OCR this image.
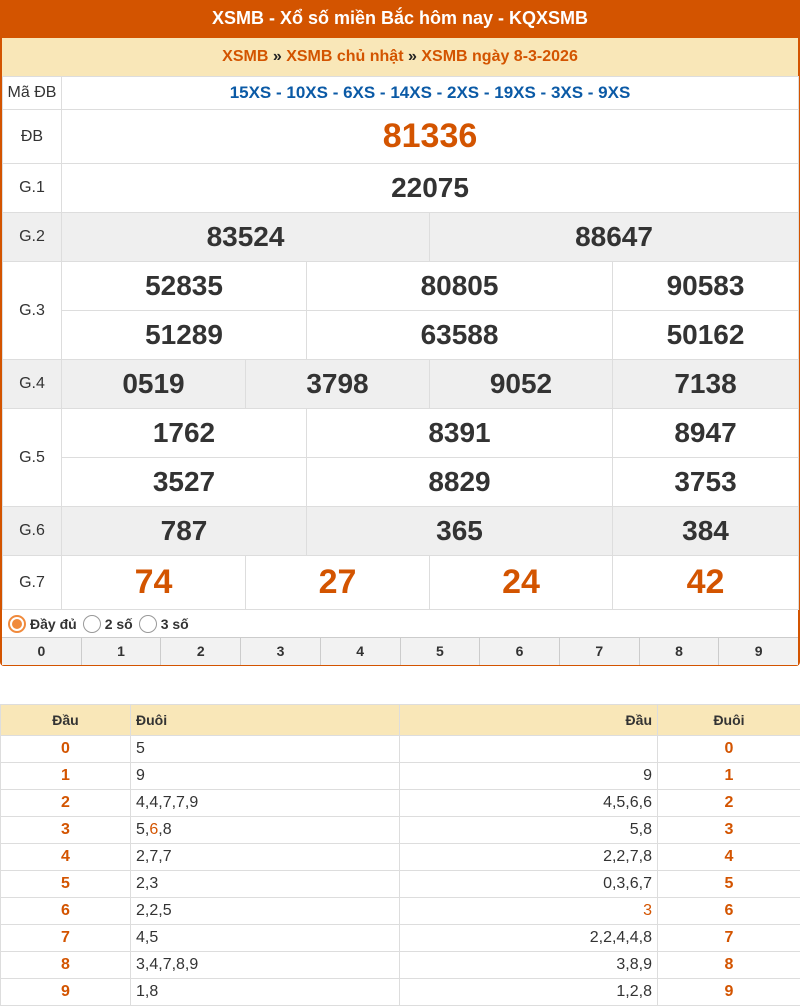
XSMB - Xổ số miền Bắc hôm nay - KQXSMB
XSMB » XSMB chủ nhật » XSMB ngày 8-3-2026
Mã ĐB	15XS - 10XS - 6XS - 14XS - 2XS - 19XS - 3XS - 9XS				
ĐB	81336				
G.1	22075				
G.2	83524			88647	
G.3	52835		80805		90583
	51289		63588		50162
G.4	0519	3798		9052	7138
G.5	1762		8391		8947
	3527		8829		3753
G.6	787		365		384
G.7	74	27		24	42
Đầy đủ 2 số 3 số
0	1	2	3	4	5	6	7	8	9
Đầu	Đuôi	Đầu	Đuôi
0	5		0
1	9	9	1
2	4,4,7,7,9	4,5,6,6	2
3	5,6,8	5,8	3
4	2,7,7	2,2,7,8	4
5	2,3	0,3,6,7	5
6	2,2,5	3	6
7	4,5	2,2,4,4,8	7
8	3,4,7,8,9	3,8,9	8
9	1,8	1,2,8	9
